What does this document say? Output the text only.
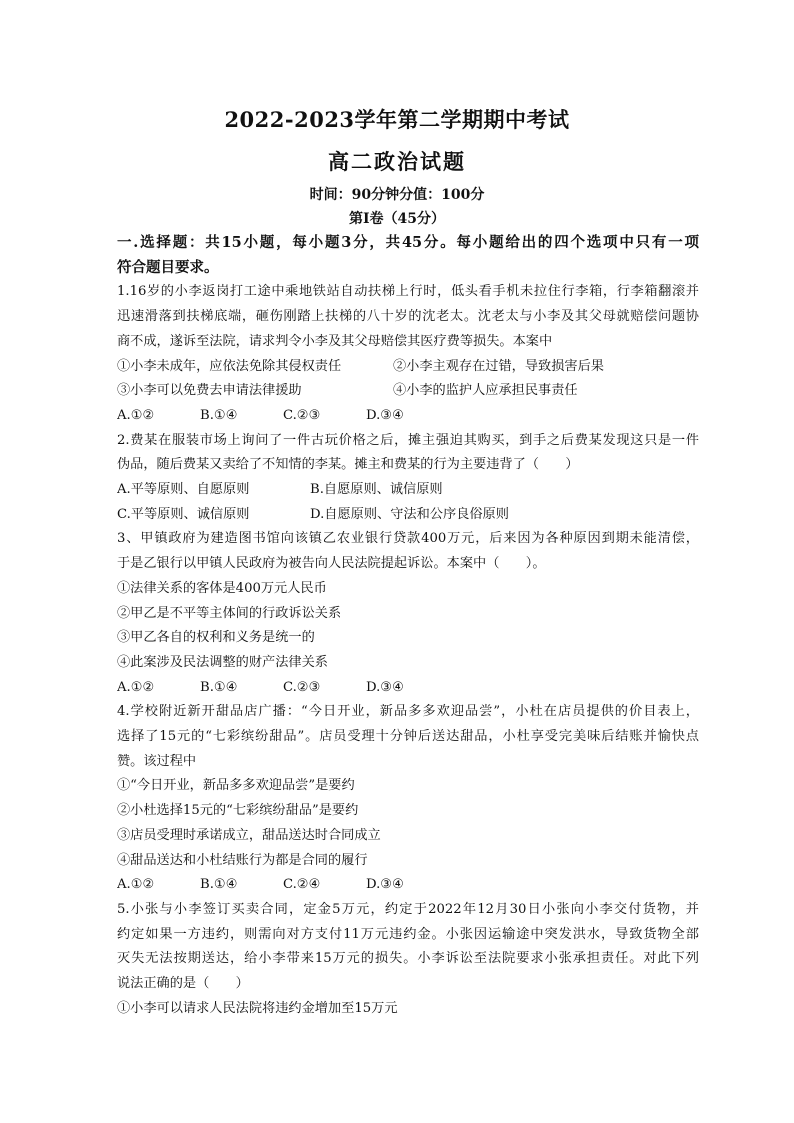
2022-2023学年第二学期期中考试
高二政治试题
时间：90分钟分值：100分
第Ⅰ卷（45分）

一.选择题：共15小题，每小题3分，共45分。每小题给出的四个选项中只有一项

符合题目要求。

1.16岁的小李返岗打工途中乘地铁站自动扶梯上行时，低头看手机未拉住行李箱，行李箱翻滚并

迅速滑落到扶梯底端，砸伤刚踏上扶梯的八十岁的沈老太。沈老太与小李及其父母就赔偿问题协

商不成，遂诉至法院，请求判令小李及其父母赔偿其医疗费等损失。本案中

①小李未成年，应依法免除其侵权责任	②小李主观存在过错，导致损害后果

③小李可以免费去申请法律援助	④小李的监护人应承担民事责任

A.①②	B.①④	C.②③	D.③④

2.费某在服装市场上询问了一件古玩价格之后，摊主强迫其购买，到手之后费某发现这只是一件

伪品，随后费某又卖给了不知情的李某。摊主和费某的行为主要违背了（　　）

A.平等原则、自愿原则	B.自愿原则、诚信原则

C.平等原则、诚信原则	D.自愿原则、守法和公序良俗原则

3、甲镇政府为建造图书馆向该镇乙农业银行贷款400万元，后来因为各种原因到期未能清偿，

于是乙银行以甲镇人民政府为被告向人民法院提起诉讼。本案中（　　）。

①法律关系的客体是400万元人民币

②甲乙是不平等主体间的行政诉讼关系

③甲乙各自的权利和义务是统一的

④此案涉及民法调整的财产法律关系

A.①②	B.①④	C.②③	D.③④

4.学校附近新开甜品店广播：“今日开业，新品多多欢迎品尝”，小杜在店员提供的价目表上，

选择了15元的“七彩缤纷甜品”。店员受理十分钟后送达甜品，小杜享受完美味后结账并愉快点

赞。该过程中

①“今日开业，新品多多欢迎品尝”是要约

②小杜选择15元的“七彩缤纷甜品”是要约

③店员受理时承诺成立，甜品送达时合同成立

④甜品送达和小杜结账行为都是合同的履行

A.①②	B.①④	C.②④	D.③④

5.小张与小李签订买卖合同，定金5万元，约定于2022年12月30日小张向小李交付货物，并

约定如果一方违约，则需向对方支付11万元违约金。小张因运输途中突发洪水，导致货物全部

灭失无法按期送达，给小李带来15万元的损失。小李诉讼至法院要求小张承担责任。对此下列

说法正确的是（　　）

①小李可以请求人民法院将违约金增加至15万元
